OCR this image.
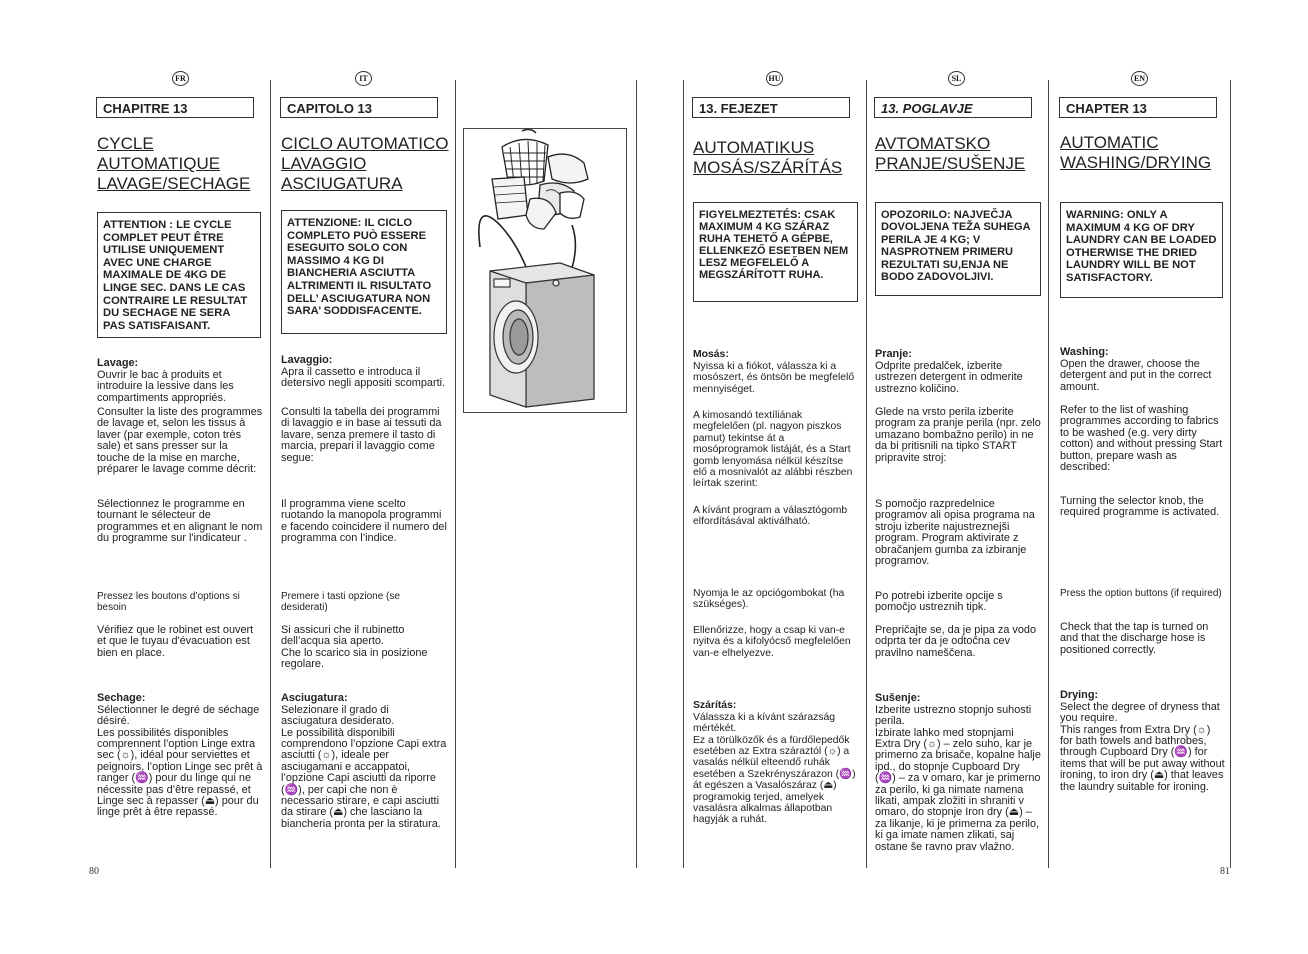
FR
CHAPITRE 13
CYCLE AUTOMATIQUE LAVAGE/SECHAGE
ATTENTION : LE CYCLE COMPLET PEUT ÊTRE UTILISE UNIQUEMENT AVEC UNE CHARGE MAXIMALE DE 4KG DE LINGE SEC. DANS LE CAS CONTRAIRE LE RESULTAT DU SECHAGE NE SERA PAS SATISFAISANT.

Lavage:
Ouvrir le bac à produits et introduire la lessive dans les compartiments appropriés.

Consulter la liste des programmes de lavage et, selon les tissus à laver (par exemple, coton très sale) et sans presser sur la touche de la mise en marche, préparer le lavage comme décrit:
Sélectionnez le programme en tournant le sélecteur de programmes et en alignant le nom du programme sur l'indicateur .
Pressez les boutons d’options si besoin
Vérifiez que le robinet est ouvert et que le tuyau d'évacuation est bien en place.

Sechage:
Sélectionner le degré de séchage désiré.
Les possibilités disponibles comprennent l’option Linge extra sec (☼), idéal pour serviettes et peignoirs, l’option Linge sec prêt à ranger (♒) pour du linge qui ne nécessite pas d’être repassé, et Linge sec à repasser (⏏) pour du linge prêt à être repassé.

IT
CAPITOLO 13
CICLO AUTOMATICO LAVAGGIO ASCIUGATURA
ATTENZIONE: IL CICLO COMPLETO PUÒ ESSERE ESEGUITO SOLO CON MASSIMO 4 KG DI BIANCHERIA ASCIUTTA ALTRIMENTI IL RISULTATO DELL’ ASCIUGATURA NON SARA’ SODDISFACENTE.

Lavaggio:
Apra il cassetto e introduca il detersivo negli appositi scomparti.

Consulti la tabella dei programmi di lavaggio e in base ai tessuti da lavare, senza premere il tasto di marcia, prepari il lavaggio come segue:
Il programma viene scelto ruotando la manopola programmi e facendo coincidere il numero del programma con l’indice.
Premere i tasti opzione (se desiderati)
Si assicuri che il rubinetto dell’acqua sia aperto.
Che lo scarico sia in posizione regolare.

Asciugatura:
Selezionare il grado di asciugatura desiderato.
Le possibilità disponibili comprendono l’opzione Capi extra asciutti (☼), ideale per asciugamani e accappatoi, l’opzione Capi asciutti da riporre (♒), per capi che non è necessario stirare, e capi asciutti da stirare (⏏) che lasciano la biancheria pronta per la stiratura.

HU
13. FEJEZET
AUTOMATIKUS MOSÁS/SZÁRÍTÁS
FIGYELMEZTETÉS: CSAK MAXIMUM 4 KG SZÁRAZ RUHA TEHETŐ A GÉPBE, ELLENKEZŐ ESETBEN NEM LESZ MEGFELELŐ A MEGSZÁRÍTOTT RUHA.

Mosás:
Nyissa ki a fiókot, válassza ki a mosószert, és öntsön be megfelelő mennyiséget.

A kimosandó textíliának megfelelően (pl. nagyon piszkos pamut) tekintse át a mosóprogramok listáját, és a Start gomb lenyomása nélkül készítse elő a mosnivalót az alábbi részben leírtak szerint:
A kívánt program a választógomb elfordításával aktiválható.
Nyomja le az opciógombokat (ha szükséges).
Ellenőrizze, hogy a csap ki van-e nyitva és a kifolyócső megfelelően van-e elhelyezve.

Szárítás:
Válassza ki a kívánt szárazság mértékét.
Ez a törülközők és a fürdőlepedők esetében az Extra száraztól (☼) a vasalás nélkül elteendő ruhák esetében a Szekrényszárazon (♒) át egészen a Vasalószáraz (⏏) programokig terjed, amelyek vasalásra alkalmas állapotban hagyják a ruhát.

SL
13. POGLAVJE
AVTOMATSKO PRANJE/SUŠENJE
OPOZORILO: NAJVEČJA DOVOLJENA TEŽA SUHEGA PERILA JE 4 KG; V NASPROTNEM PRIMERU REZULTATI SU,ENJA NE BODO ZADOVOLJIVI.

Pranje:
Odprite predalček, izberite ustrezen detergent in odmerite ustrezno količino.

Glede na vrsto perila izberite program za pranje perila (npr. zelo umazano bombažno perilo) in ne da bi pritisnili na tipko START pripravite stroj:
S pomočjo razpredelnice programov ali opisa programa na stroju izberite najustreznejši program. Program aktivirate z obračanjem gumba za izbiranje programov.
Po potrebi izberite opcije s pomočjo ustreznih tipk.
Prepričajte se, da je pipa za vodo odprta ter da je odtočna cev pravilno nameščena.

Sušenje:
Izberite ustrezno stopnjo suhosti perila.
Izbirate lahko med stopnjami Extra Dry (☼) – zelo suho, kar je primerno za brisače, kopalne halje ipd., do stopnje Cupboard Dry (♒) – za v omaro, kar je primerno za perilo, ki ga nimate namena likati, ampak zložiti in shraniti v omaro, do stopnje Iron dry (⏏) – za likanje, ki je primerna za perilo, ki ga imate namen zlikati, saj ostane še ravno prav vlažno.

EN
CHAPTER 13
AUTOMATIC WASHING/DRYING
WARNING: ONLY A MAXIMUM 4 KG OF DRY LAUNDRY CAN BE LOADED OTHERWISE THE DRIED LAUNDRY WILL BE NOT SATISFACTORY.

Washing:
Open the drawer, choose the detergent and put in the correct amount.

Refer to the list of washing programmes according to fabrics to be washed (e.g. very dirty cotton) and without pressing Start button, prepare wash as described:
Turning the selector knob, the required programme is activated.
Press the option buttons (if required)
Check that the tap is turned on and that the discharge hose is positioned correctly.

Drying:
Select the degree of dryness that you require.
This ranges from Extra Dry (☼) for bath towels and bathrobes, through Cupboard Dry (♒) for items that will be put away without ironing, to iron dry (⏏) that leaves the laundry suitable for ironing.

80	81
